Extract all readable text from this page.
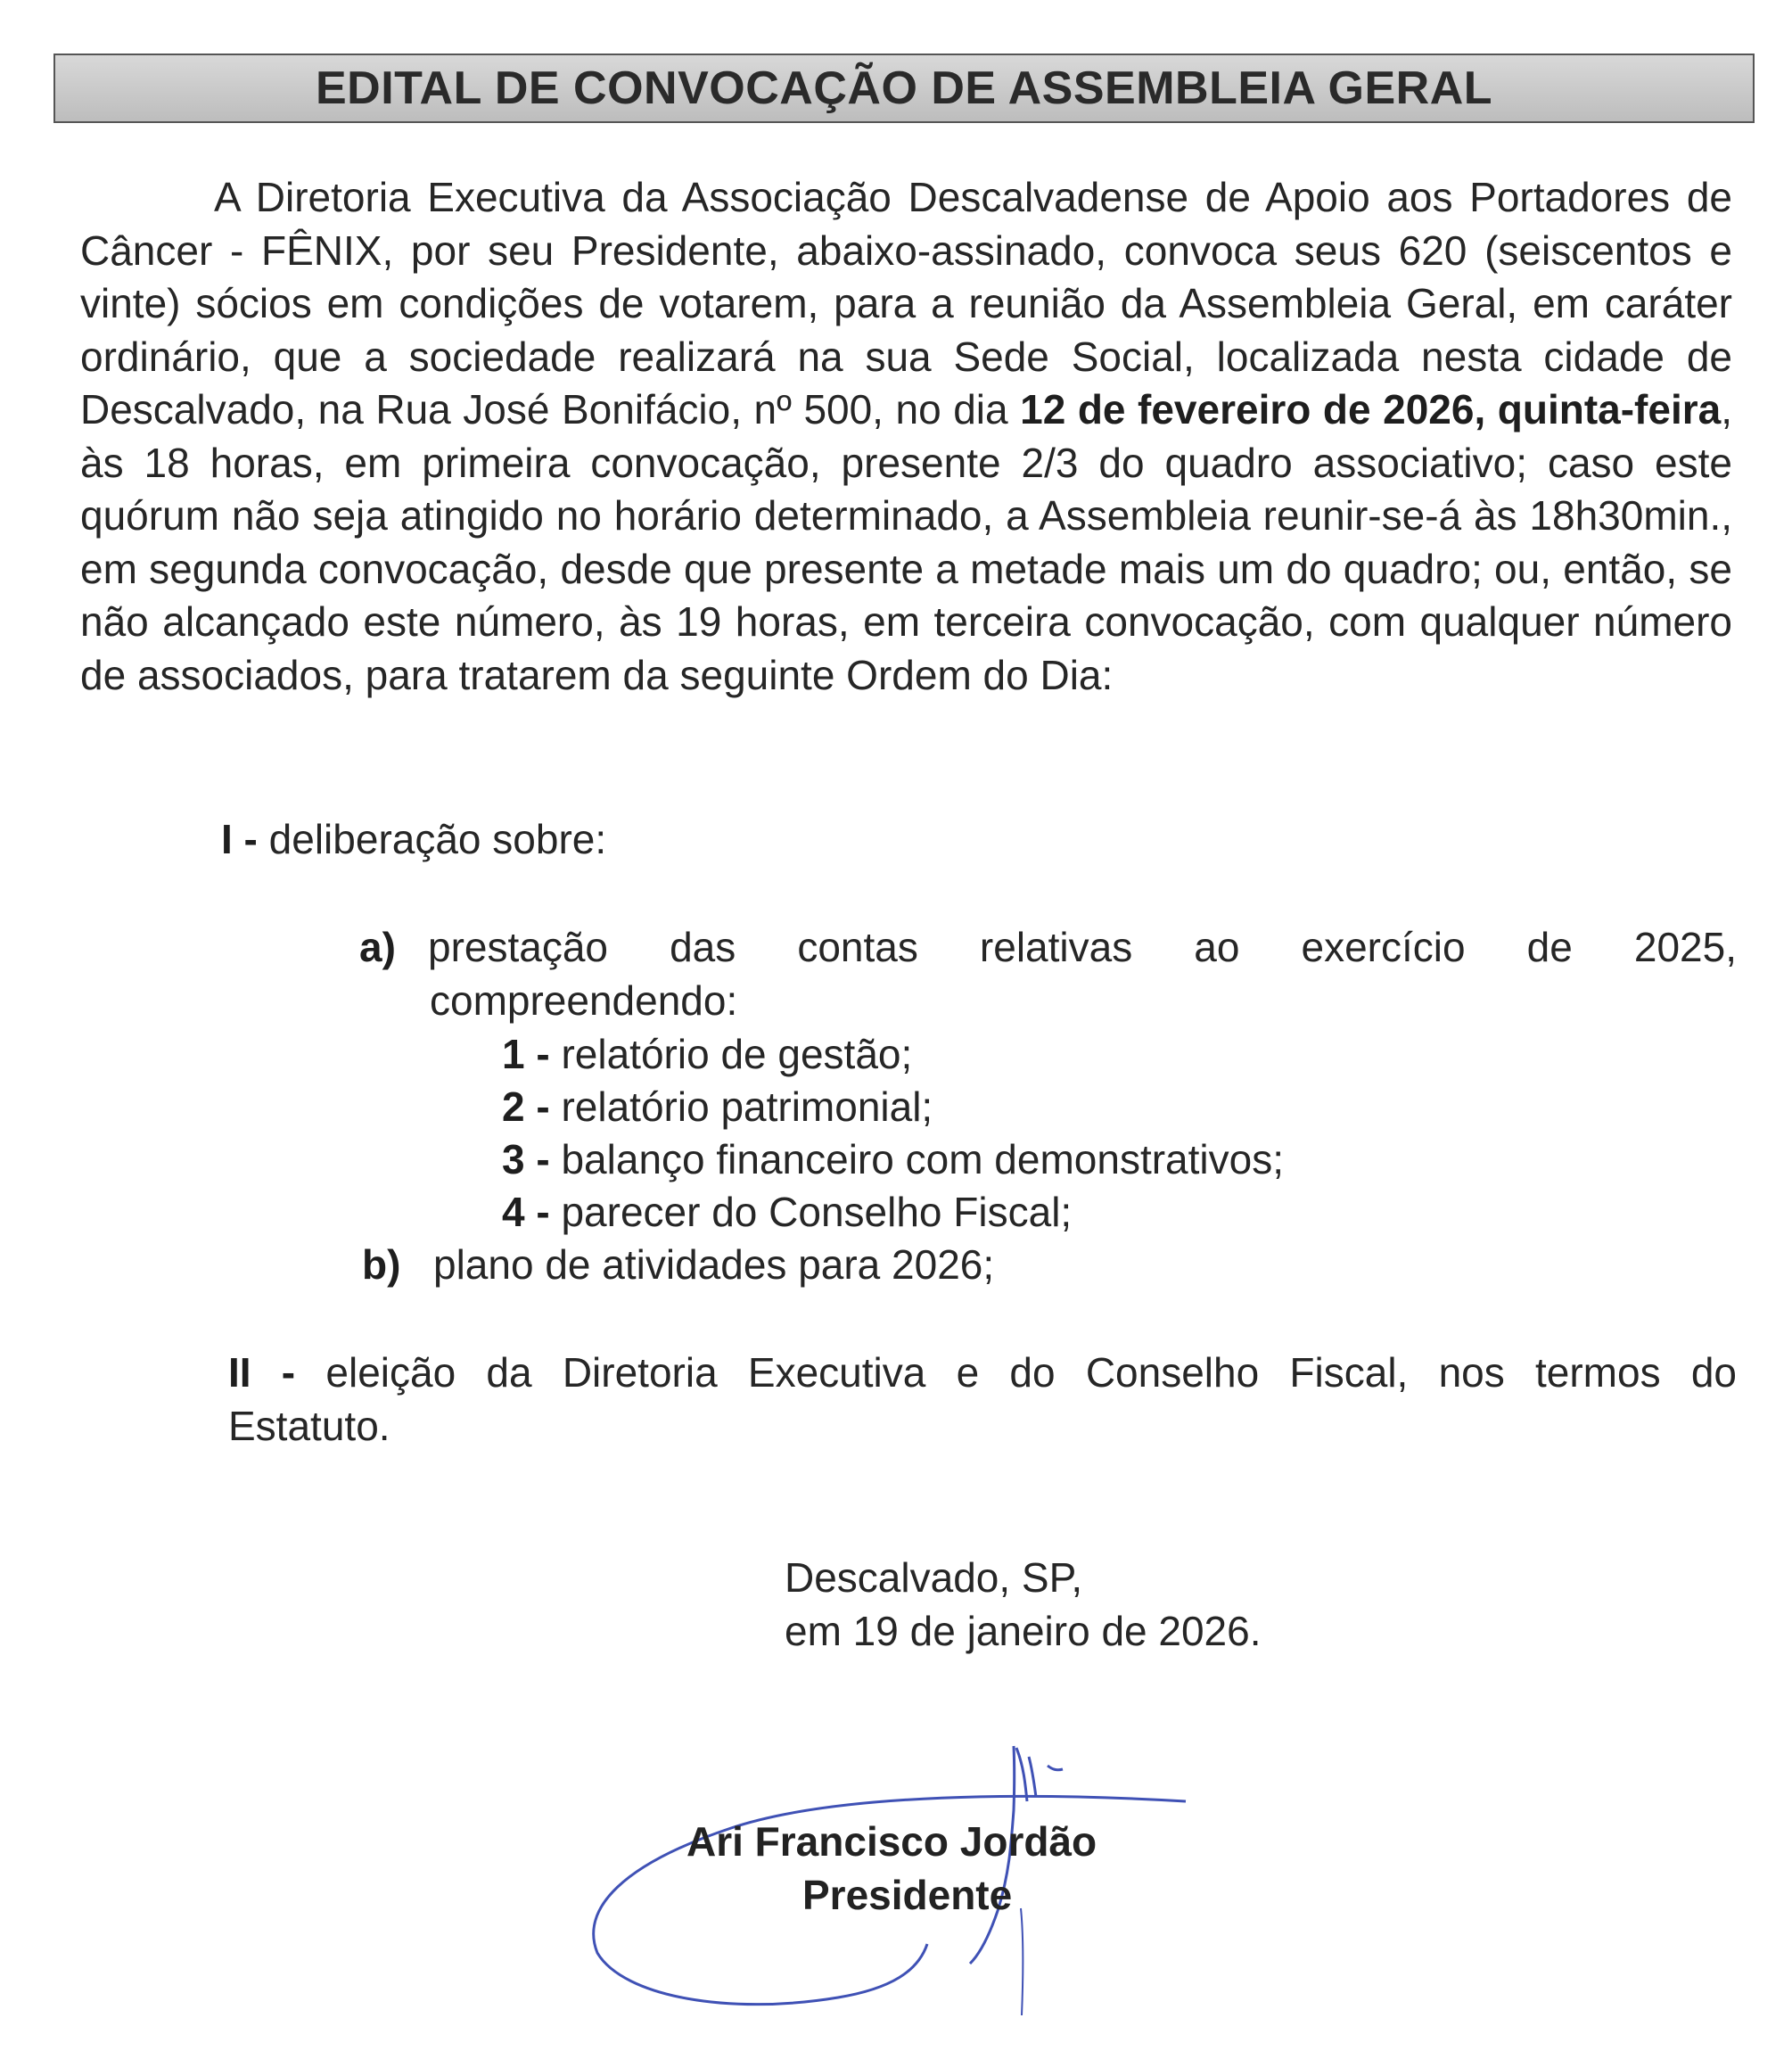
EDITAL DE CONVOCAÇÃO DE ASSEMBLEIA GERAL

A Diretoria Executiva da Associação Descalvadense de Apoio aos Portadores de Câncer - FÊNIX, por seu Presidente, abaixo-assinado, convoca seus 620 (seiscentos e vinte) sócios em condições de votarem, para a reunião da Assembleia Geral, em caráter ordinário, que a sociedade realizará na sua Sede Social, localizada nesta cidade de Descalvado, na Rua José Bonifácio, nº 500, no dia 12 de fevereiro de 2026, quinta-feira, às 18 horas, em primeira convocação, presente 2/3 do quadro associativo; caso este quórum não seja atingido no horário determinado, a Assembleia reunir-se-á às 18h30min., em segunda convocação, desde que presente a metade mais um do quadro; ou, então, se não alcançado este número, às 19 horas, em terceira convocação, com qualquer número de associados, para tratarem da seguinte Ordem do Dia:

I - deliberação sobre:

a) prestação das contas relativas ao exercício de 2025,

compreendendo:

1 - relatório de gestão;

2 - relatório patrimonial;

3 - balanço financeiro com demonstrativos;

4 - parecer do Conselho Fiscal;

b) plano de atividades para 2026;

II - eleição da Diretoria Executiva e do Conselho Fiscal, nos termos do

Estatuto.

Descalvado, SP,

em 19 de janeiro de 2026.

Ari Francisco Jordão
Presidente
